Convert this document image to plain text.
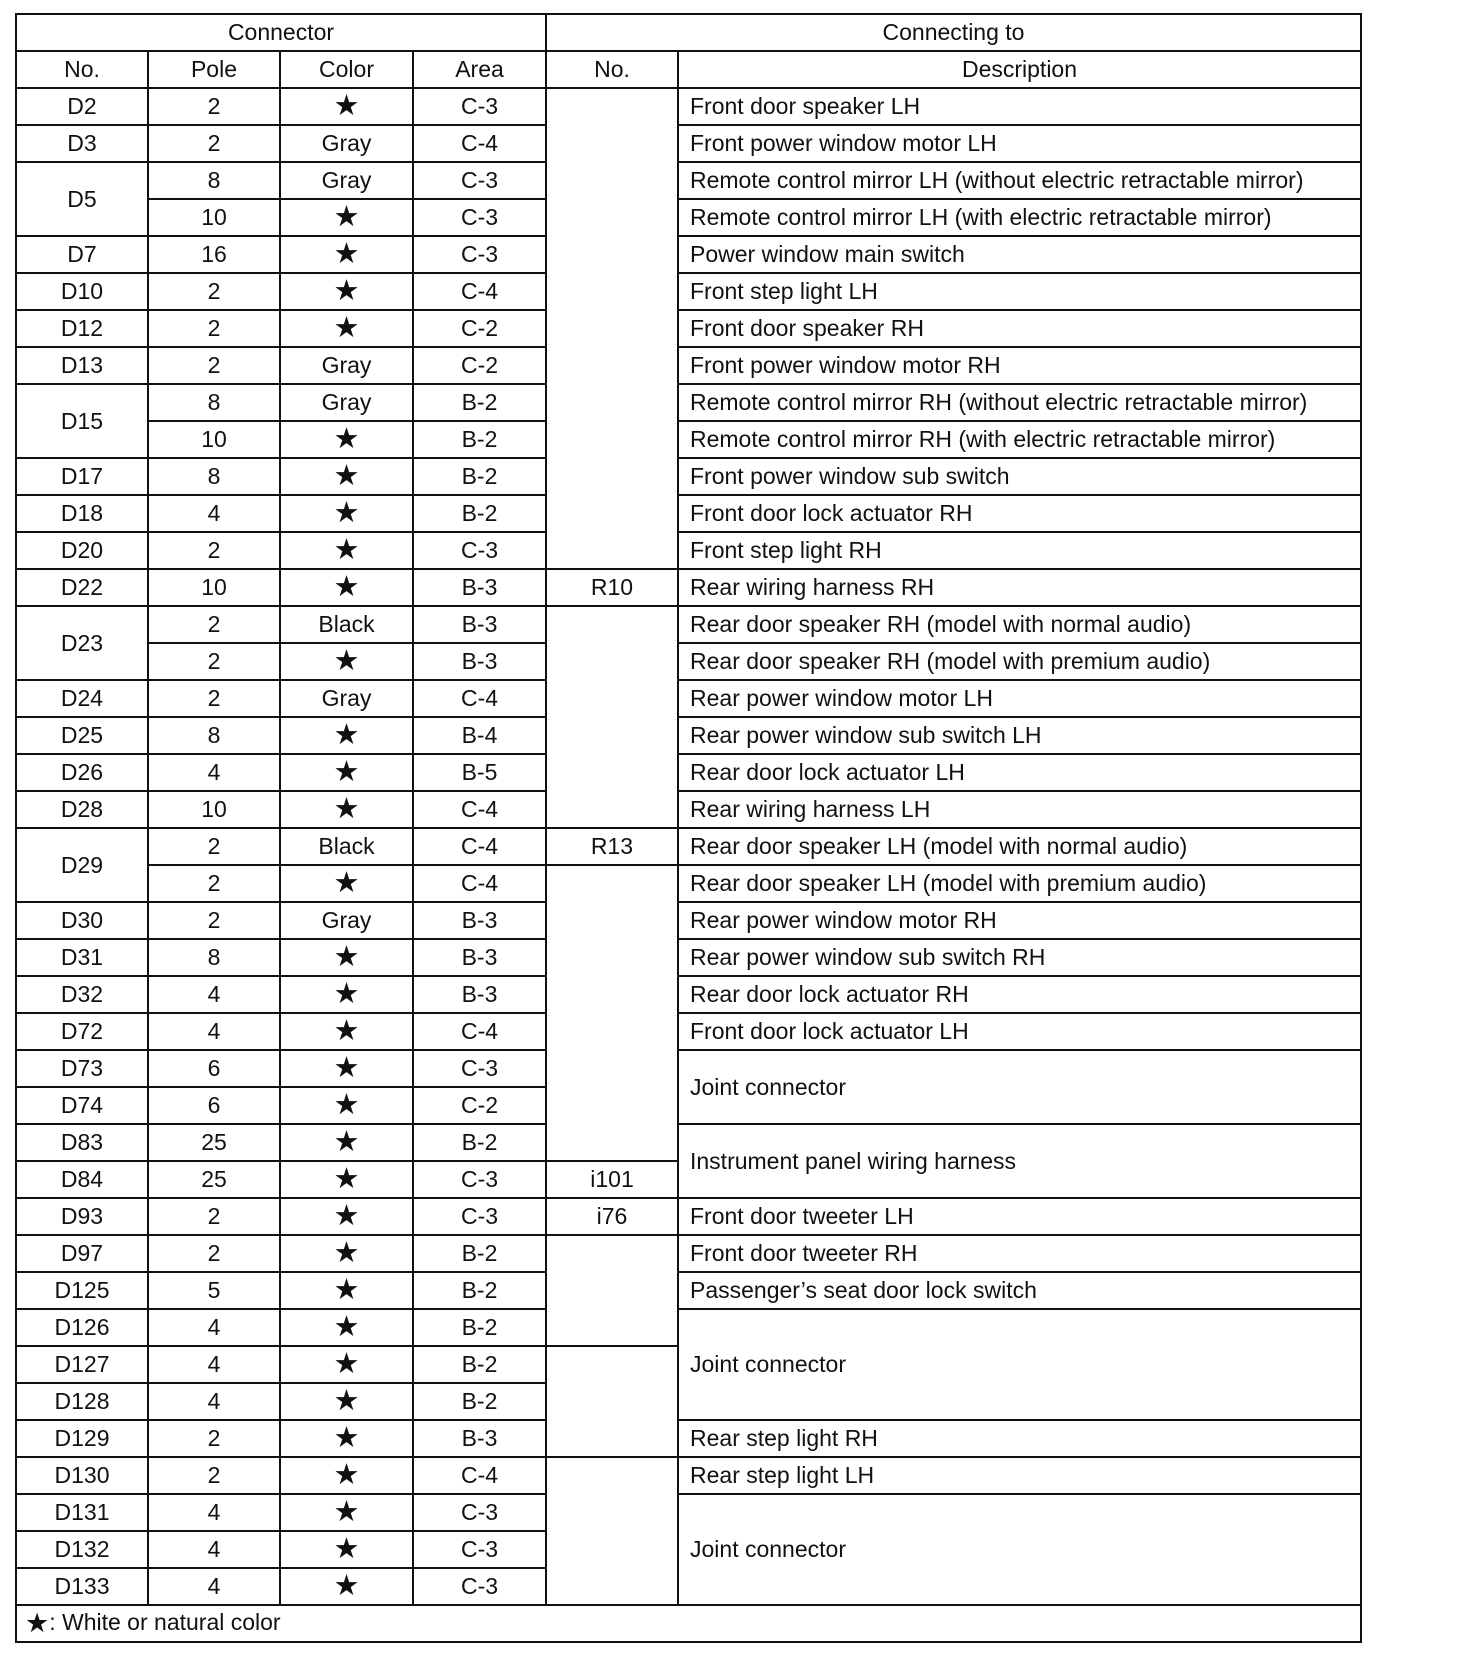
Connector				Connecting to	
No.	Pole	Color	Area	No.	Description
D2	2	★	C-3		Front door speaker LH
D3	2	Gray	C-4		Front power window motor LH
D5	8	Gray	C-3		Remote control mirror LH (without electric retractable mirror)
	10	★	C-3		Remote control mirror LH (with electric retractable mirror)
D7	16	★	C-3		Power window main switch
D10	2	★	C-4		Front step light LH
D12	2	★	C-2		Front door speaker RH
D13	2	Gray	C-2		Front power window motor RH
D15	8	Gray	B-2		Remote control mirror RH (without electric retractable mirror)
	10	★	B-2		Remote control mirror RH (with electric retractable mirror)
D17	8	★	B-2		Front power window sub switch
D18	4	★	B-2		Front door lock actuator RH
D20	2	★	C-3		Front step light RH
D22	10	★	B-3	R10	Rear wiring harness RH
D23	2	Black	B-3		Rear door speaker RH (model with normal audio)
	2	★	B-3		Rear door speaker RH (model with premium audio)
D24	2	Gray	C-4		Rear power window motor LH
D25	8	★	B-4		Rear power window sub switch LH
D26	4	★	B-5		Rear door lock actuator LH
D28	10	★	C-4		Rear wiring harness LH
D29	2	Black	C-4	R13	Rear door speaker LH (model with normal audio)
	2	★	C-4		Rear door speaker LH (model with premium audio)
D30	2	Gray	B-3		Rear power window motor RH
D31	8	★	B-3		Rear power window sub switch RH
D32	4	★	B-3		Rear door lock actuator RH
D72	4	★	C-4		Front door lock actuator LH
D73	6	★	C-3		Joint connector
D74	6	★	C-2		
D83	25	★	B-2		Instrument panel wiring harness
D84	25	★	C-3	i101	
D93	2	★	C-3	i76	Front door tweeter LH
D97	2	★	B-2		Front door tweeter RH
D125	5	★	B-2		Passenger’s seat door lock switch
D126	4	★	B-2		Joint connector
D127	4	★	B-2		
D128	4	★	B-2		
D129	2	★	B-3		Rear step light RH
D130	2	★	C-4		Rear step light LH
D131	4	★	C-3		Joint connector
D132	4	★	C-3		
D133	4	★	C-3		
★: White or natural color					
